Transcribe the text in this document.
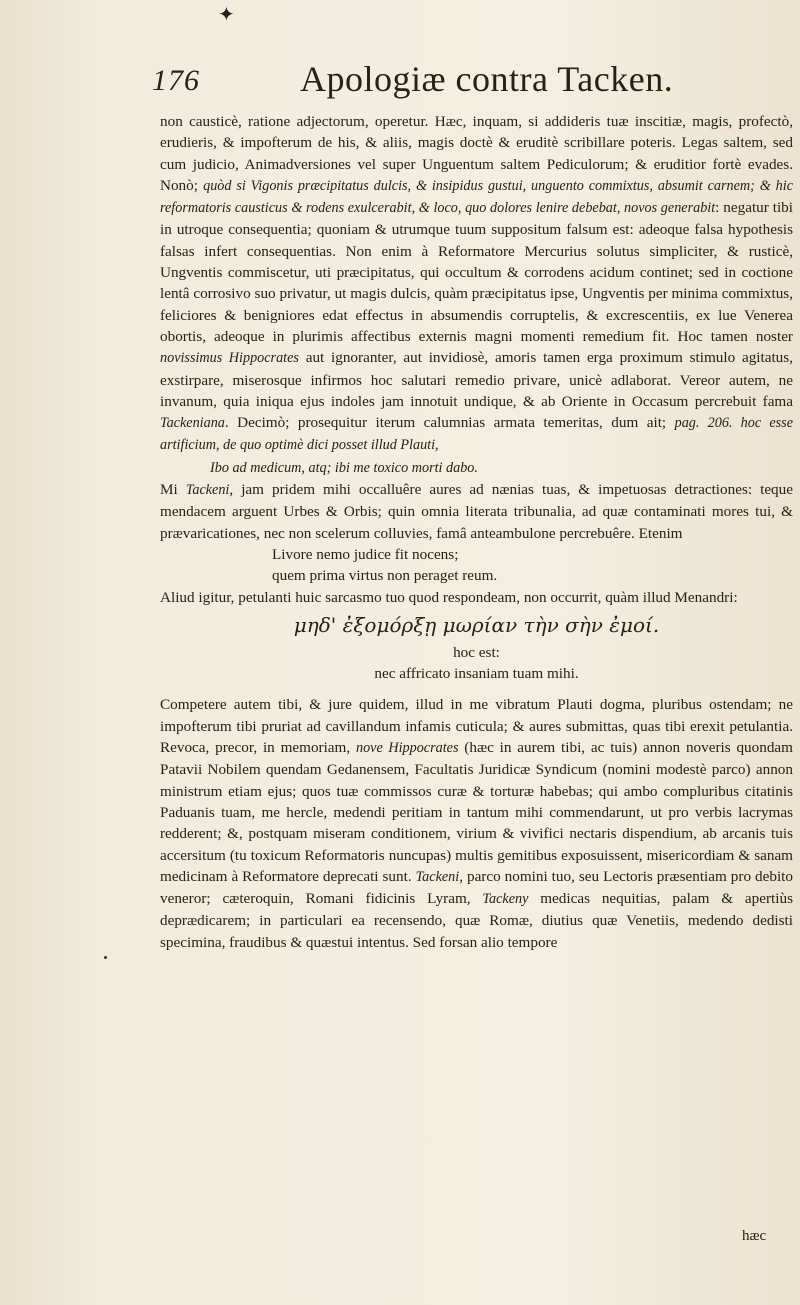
✦
176	Apologiæ contra Tacken.

non causticè, ratione adjectorum, operetur. Hæc, inquam, si addideris tuæ inscitiæ, magis, profectò, erudieris, & impofterum de his, & aliis, magis doctè & eruditè scribillare poteris. Legas saltem, sed cum judicio, Animadversiones vel super Unguentum saltem Pediculorum; & eruditior fortè evades. Nonò; quòd si Vigonis præcipitatus dulcis, & insipidus gustui, unguento commixtus, absumit carnem; & hic reformatoris causticus & rodens exulcerabit, & loco, quo dolores lenire debebat, novos generabit: negatur tibi in utroque consequentia; quoniam & utrumque tuum suppositum falsum est: adeoque falsa hypothesis falsas infert consequentias. Non enim à Reformatore Mercurius solutus simpliciter, & rusticè, Ungventis commiscetur, uti præcipitatus, qui occultum & corrodens acidum continet; sed in coctione lentâ corrosivo suo privatur, ut magis dulcis, quàm præcipitatus ipse, Ungventis per minima commixtus, feliciores & benigniores edat effectus in absumendis corruptelis, & excrescentiis, ex lue Venerea obortis, adeoque in plurimis affectibus externis magni momenti remedium fit. Hoc tamen noster novissimus Hippocrates aut ignoranter, aut invidiosè, amoris tamen erga proximum stimulo agitatus, exstirpare, miserosque infirmos hoc salutari remedio privare, unicè adlaborat. Vereor autem, ne invanum, quia iniqua ejus indoles jam innotuit undique, & ab Oriente in Occasum percrebuit fama Tackeniana. Decimò; prosequitur iterum calumnias armata temeritas, dum ait; pag. 206. hoc esse artificium, de quo optimè dici posset illud Plauti,

Ibo ad medicum, atq; ibi me toxico morti dabo.

Mi Tackeni, jam pridem mihi occalluêre aures ad nænias tuas, & impetuosas detractiones: teque mendacem arguent Urbes & Orbis; quin omnia literata tribunalia, ad quæ contaminati mores tui, & prævaricationes, nec non scelerum colluvies, famâ anteambulone percrebuêre. Etenim

Livore nemo judice fit nocens;

quem prima virtus non peraget reum.

Aliud igitur, petulanti huic sarcasmo tuo quod respondeam, non occurrit, quàm illud Menandri:

μηδ' ἐξομόρξῃ μωρίαν τὴν σὴν ἐμοί.

hoc est:

nec affricato insaniam tuam mihi.

Competere autem tibi, & jure quidem, illud in me vibratum Plauti dogma, pluribus ostendam; ne impofterum tibi pruriat ad cavillandum infamis cuticula; & aures submittas, quas tibi erexit petulantia. Revoca, precor, in memoriam, nove Hippocrates (hæc in aurem tibi, ac tuis) annon noveris quondam Patavii Nobilem quendam Gedanensem, Facultatis Juridicæ Syndicum (nomini modestè parco) annon ministrum etiam ejus; quos tuæ commissos curæ & torturæ habebas; qui ambo compluribus citatinis Paduanis tuam, me hercle, medendi peritiam in tantum mihi commendarunt, ut pro verbis lacrymas redderent; &, postquam miseram conditionem, virium & vivifici nectaris dispendium, ab arcanis tuis accersitum (tu toxicum Reformatoris nuncupas) multis gemitibus exposuissent, misericordiam & sanam medicinam à Reformatore deprecati sunt. Tackeni, parco nomini tuo, seu Lectoris præsentiam pro debito veneror; cæteroquin, Romani fidicinis Lyram, Tackeny medicas nequitias, palam & apertiùs deprædicarem; in particulari ea recensendo, quæ Romæ, diutius quæ Venetiis, medendo dedisti specimina, fraudibus & quæstui intentus. Sed forsan alio tempore

hæc
